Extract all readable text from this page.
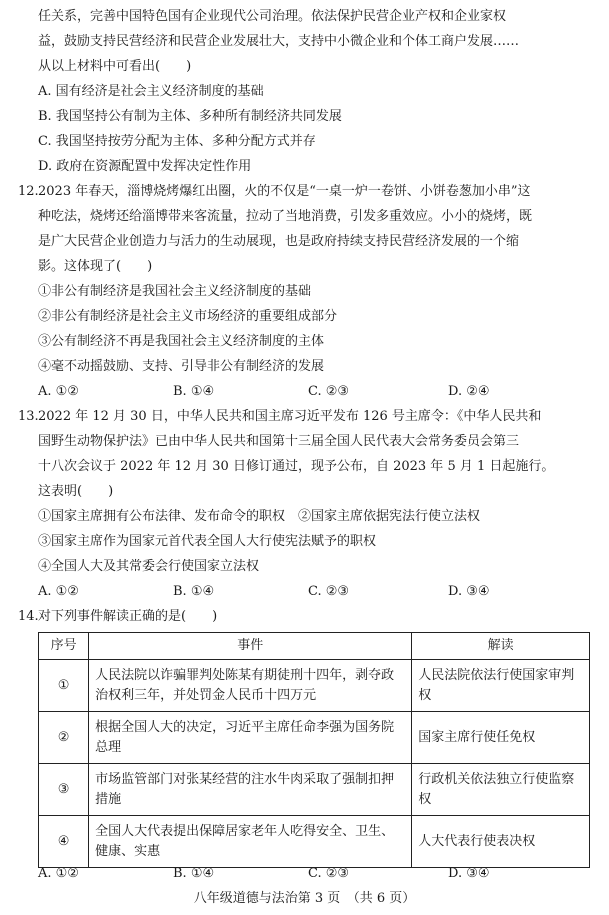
任关系，完善中国特色国有企业现代公司治理。依法保护民营企业产权和企业家权
益，鼓励支持民营经济和民营企业发展壮大，支持中小微企业和个体工商户发展……
从以上材料中可看出(　　)
A. 国有经济是社会主义经济制度的基础
B. 我国坚持公有制为主体、多种所有制经济共同发展
C. 我国坚持按劳分配为主体、多种分配方式并存
D. 政府在资源配置中发挥决定性作用
12. 2023 年春天，淄博烧烤爆红出圈，火的不仅是“一桌一炉一卷饼、小饼卷葱加小串”这
种吃法，烧烤还给淄博带来客流量，拉动了当地消费，引发多重效应。小小的烧烤，既
是广大民营企业创造力与活力的生动展现，也是政府持续支持民营经济发展的一个缩
影。这体现了(　　)
①非公有制经济是我国社会主义经济制度的基础
②非公有制经济是社会主义市场经济的重要组成部分
③公有制经济不再是我国社会主义经济制度的主体
④毫不动摇鼓励、支持、引导非公有制经济的发展
A. ①②	B. ①④	C. ②③	D. ②④
13. 2022 年 12 月 30 日，中华人民共和国主席习近平发布 126 号主席令：《中华人民共和
国野生动物保护法》已由中华人民共和国第十三届全国人民代表大会常务委员会第三
十八次会议于 2022 年 12 月 30 日修订通过，现予公布，自 2023 年 5 月 1 日起施行。
这表明(　　)
①国家主席拥有公布法律、发布命令的职权　②国家主席依据宪法行使立法权
③国家主席作为国家元首代表全国人大行使宪法赋予的职权
④全国人大及其常委会行使国家立法权
A. ①②	B. ①④	C. ②③	D. ③④
14. 对下列事件解读正确的是(　　)
序号	事件	解读
①	人民法院以诈骗罪判处陈某有期徒刑十四年，剥夺政治权利三年，并处罚金人民币十四万元	人民法院依法行使国家审判权
②	根据全国人大的决定，习近平主席任命李强为国务院总理	国家主席行使任免权
③	市场监管部门对张某经营的注水牛肉采取了强制扣押措施	行政机关依法独立行使监察权
④	全国人大代表提出保障居家老年人吃得安全、卫生、健康、实惠	人大代表行使表决权
A. ①②	B. ①④	C. ②③	D. ③④
八年级道德与法治第 3 页　（共 6 页）
